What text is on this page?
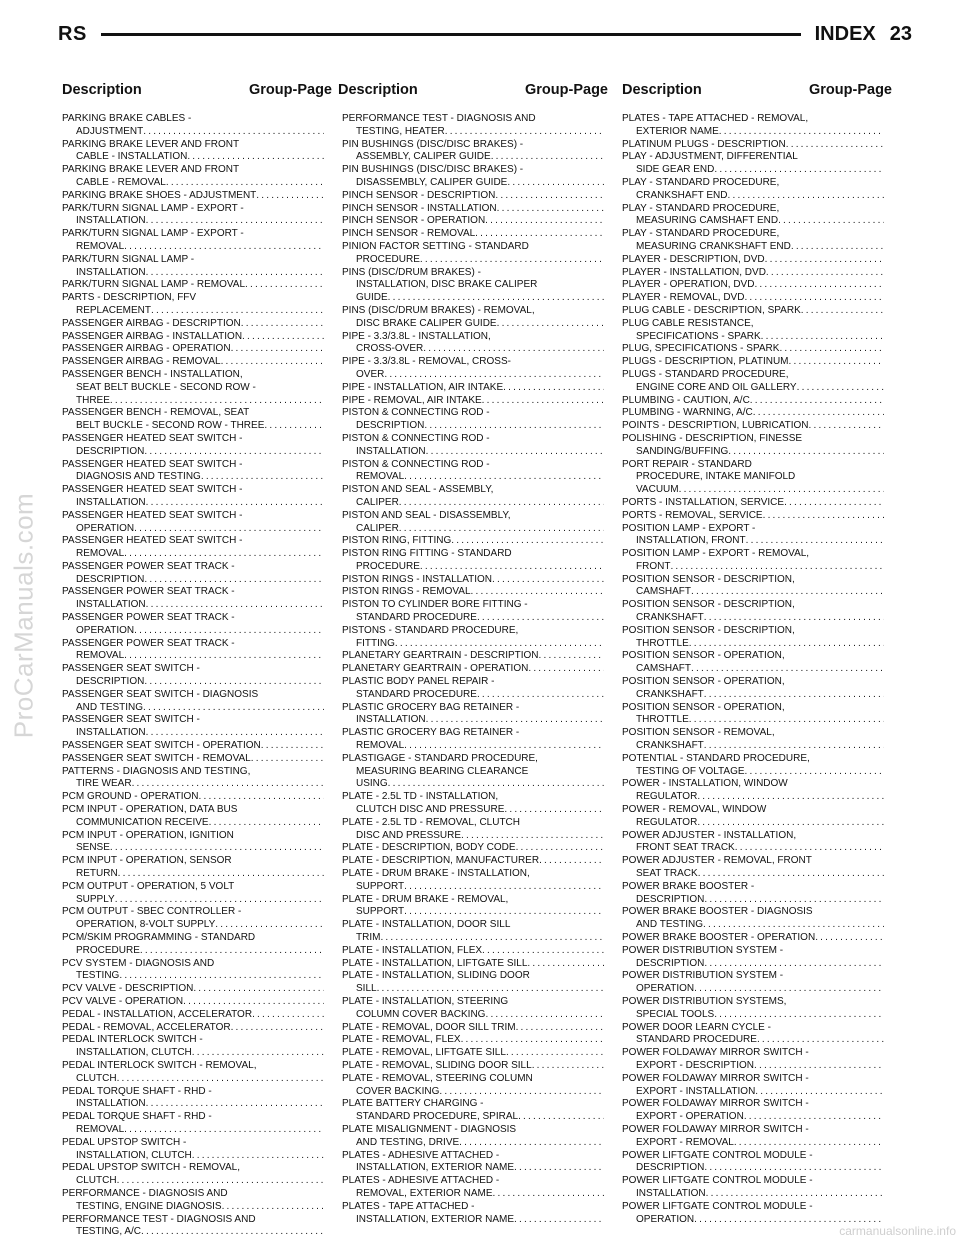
RS	INDEX 23
Description	Group-Page Description	Group-Page Description	Group-Page
PARKING BRAKE CABLES -
ADJUSTMENT.....
PARKING BRAKE LEVER AND FRONT
CABLE - INSTALLATION.....
PARKING BRAKE LEVER AND FRONT
CABLE - REMOVAL.....
PARKING BRAKE SHOES - ADJUSTMENT.....
PARK/TURN SIGNAL LAMP - EXPORT -
INSTALLATION.....
PARK/TURN SIGNAL LAMP - EXPORT -
REMOVAL.....
PARK/TURN SIGNAL LAMP -
INSTALLATION.....
PARK/TURN SIGNAL LAMP - REMOVAL.....
PARTS - DESCRIPTION, FFV
REPLACEMENT.....
PASSENGER AIRBAG - DESCRIPTION.....
PASSENGER AIRBAG - INSTALLATION.....
PASSENGER AIRBAG - OPERATION.....
PASSENGER AIRBAG - REMOVAL.....
PASSENGER BENCH - INSTALLATION,
SEAT BELT BUCKLE - SECOND ROW -
THREE.....
PASSENGER BENCH - REMOVAL, SEAT
BELT BUCKLE - SECOND ROW - THREE.....
PASSENGER HEATED SEAT SWITCH -
DESCRIPTION.....
PASSENGER HEATED SEAT SWITCH -
DIAGNOSIS AND TESTING.....
PASSENGER HEATED SEAT SWITCH -
INSTALLATION.....
PASSENGER HEATED SEAT SWITCH -
OPERATION.....
PASSENGER HEATED SEAT SWITCH -
REMOVAL.....
PASSENGER POWER SEAT TRACK -
DESCRIPTION.....
PASSENGER POWER SEAT TRACK -
INSTALLATION.....
PASSENGER POWER SEAT TRACK -
OPERATION.....
PASSENGER POWER SEAT TRACK -
REMOVAL.....
PASSENGER SEAT SWITCH -
DESCRIPTION.....
PASSENGER SEAT SWITCH - DIAGNOSIS
AND TESTING.....
PASSENGER SEAT SWITCH -
INSTALLATION.....
PASSENGER SEAT SWITCH - OPERATION.....
PASSENGER SEAT SWITCH - REMOVAL.....
PATTERNS - DIAGNOSIS AND TESTING,
TIRE WEAR.....
PCM GROUND - OPERATION.....
PCM INPUT - OPERATION, DATA BUS
COMMUNICATION RECEIVE.....
PCM INPUT - OPERATION, IGNITION
SENSE.....
PCM INPUT - OPERATION, SENSOR
RETURN.....
PCM OUTPUT - OPERATION, 5 VOLT
SUPPLY.....
PCM OUTPUT - SBEC CONTROLLER -
OPERATION, 8-VOLT SUPPLY.....
PCM/SKIM PROGRAMMING - STANDARD
PROCEDURE.....
PCV SYSTEM - DIAGNOSIS AND
TESTING.....
PCV VALVE - DESCRIPTION.....
PCV VALVE - OPERATION.....
PEDAL - INSTALLATION, ACCELERATOR.....
PEDAL - REMOVAL, ACCELERATOR.....
PEDAL INTERLOCK SWITCH -
INSTALLATION, CLUTCH.....
PEDAL INTERLOCK SWITCH - REMOVAL,
CLUTCH.....
PEDAL TORQUE SHAFT - RHD -
INSTALLATION.....
PEDAL TORQUE SHAFT - RHD -
REMOVAL.....
PEDAL UPSTOP SWITCH -
INSTALLATION, CLUTCH.....
PEDAL UPSTOP SWITCH - REMOVAL,
CLUTCH.....
PERFORMANCE - DIAGNOSIS AND
TESTING, ENGINE DIAGNOSIS.....
PERFORMANCE TEST - DIAGNOSIS AND
TESTING, A/C.....
PERFORMANCE TEST - DIAGNOSIS AND
TESTING, HEATER.....
PIN BUSHINGS (DISC/DISC BRAKES) -
ASSEMBLY, CALIPER GUIDE.....
PIN BUSHINGS (DISC/DISC BRAKES) -
DISASSEMBLY, CALIPER GUIDE.....
PINCH SENSOR - DESCRIPTION.....
PINCH SENSOR - INSTALLATION.....
PINCH SENSOR - OPERATION.....
PINCH SENSOR - REMOVAL.....
PINION FACTOR SETTING - STANDARD
PROCEDURE.....
PINS (DISC/DRUM BRAKES) -
INSTALLATION, DISC BRAKE CALIPER
GUIDE.....
PINS (DISC/DRUM BRAKES) - REMOVAL,
DISC BRAKE CALIPER GUIDE.....
PIPE - 3.3/3.8L - INSTALLATION,
CROSS-OVER.....
PIPE - 3.3/3.8L - REMOVAL, CROSS-
OVER.....
PIPE - INSTALLATION, AIR INTAKE.....
PIPE - REMOVAL, AIR INTAKE.....
PISTON & CONNECTING ROD -
DESCRIPTION.....
PISTON & CONNECTING ROD -
INSTALLATION.....
PISTON & CONNECTING ROD -
REMOVAL.....
PISTON AND SEAL - ASSEMBLY,
CALIPER.....
PISTON AND SEAL - DISASSEMBLY,
CALIPER.....
PISTON RING, FITTING.....
PISTON RING FITTING - STANDARD
PROCEDURE.....
PISTON RINGS - INSTALLATION.....
PISTON RINGS - REMOVAL.....
PISTON TO CYLINDER BORE FITTING -
STANDARD PROCEDURE.....
PISTONS - STANDARD PROCEDURE,
FITTING.....
PLANETARY GEARTRAIN - DESCRIPTION.....
PLANETARY GEARTRAIN - OPERATION.....
PLASTIC BODY PANEL REPAIR -
STANDARD PROCEDURE.....
PLASTIC GROCERY BAG RETAINER -
INSTALLATION.....
PLASTIC GROCERY BAG RETAINER -
REMOVAL.....
PLASTIGAGE - STANDARD PROCEDURE,
MEASURING BEARING CLEARANCE
USING.....
PLATE - 2.5L TD - INSTALLATION,
CLUTCH DISC AND PRESSURE.....
PLATE - 2.5L TD - REMOVAL, CLUTCH
DISC AND PRESSURE.....
PLATE - DESCRIPTION, BODY CODE.....
PLATE - DESCRIPTION, MANUFACTURER.....
PLATE - DRUM BRAKE - INSTALLATION,
SUPPORT.....
PLATE - DRUM BRAKE - REMOVAL,
SUPPORT.....
PLATE - INSTALLATION, DOOR SILL
TRIM.....
PLATE - INSTALLATION, FLEX.....
PLATE - INSTALLATION, LIFTGATE SILL.....
PLATE - INSTALLATION, SLIDING DOOR
SILL.....
PLATE - INSTALLATION, STEERING
COLUMN COVER BACKING.....
PLATE - REMOVAL, DOOR SILL TRIM.....
PLATE - REMOVAL, FLEX.....
PLATE - REMOVAL, LIFTGATE SILL.....
PLATE - REMOVAL, SLIDING DOOR SILL.....
PLATE - REMOVAL, STEERING COLUMN
COVER BACKING.....
PLATE BATTERY CHARGING -
STANDARD PROCEDURE, SPIRAL.....
PLATE MISALIGNMENT - DIAGNOSIS
AND TESTING, DRIVE.....
PLATES - ADHESIVE ATTACHED -
INSTALLATION, EXTERIOR NAME.....
PLATES - ADHESIVE ATTACHED -
REMOVAL, EXTERIOR NAME.....
PLATES - TAPE ATTACHED -
INSTALLATION, EXTERIOR NAME.....
PLATES - TAPE ATTACHED - REMOVAL,
EXTERIOR NAME.....
PLATINUM PLUGS - DESCRIPTION.....
PLAY - ADJUSTMENT, DIFFERENTIAL
SIDE GEAR END.....
PLAY - STANDARD PROCEDURE,
CRANKSHAFT END.....
PLAY - STANDARD PROCEDURE,
MEASURING CAMSHAFT END.....
PLAY - STANDARD PROCEDURE,
MEASURING CRANKSHAFT END.....
PLAYER - DESCRIPTION, DVD.....
PLAYER - INSTALLATION, DVD.....
PLAYER - OPERATION, DVD.....
PLAYER - REMOVAL, DVD.....
PLUG CABLE - DESCRIPTION, SPARK.....
PLUG CABLE RESISTANCE,
SPECIFICATIONS - SPARK.....
PLUG, SPECIFICATIONS - SPARK.....
PLUGS - DESCRIPTION, PLATINUM.....
PLUGS - STANDARD PROCEDURE,
ENGINE CORE AND OIL GALLERY.....
PLUMBING - CAUTION, A/C.....
PLUMBING - WARNING, A/C.....
POINTS - DESCRIPTION, LUBRICATION.....
POLISHING - DESCRIPTION, FINESSE
SANDING/BUFFING.....
PORT REPAIR - STANDARD
PROCEDURE, INTAKE MANIFOLD
VACUUM.....
PORTS - INSTALLATION, SERVICE.....
PORTS - REMOVAL, SERVICE.....
POSITION LAMP - EXPORT -
INSTALLATION, FRONT.....
POSITION LAMP - EXPORT - REMOVAL,
FRONT.....
POSITION SENSOR - DESCRIPTION,
CAMSHAFT.....
POSITION SENSOR - DESCRIPTION,
CRANKSHAFT.....
POSITION SENSOR - DESCRIPTION,
THROTTLE.....
POSITION SENSOR - OPERATION,
CAMSHAFT.....
POSITION SENSOR - OPERATION,
CRANKSHAFT.....
POSITION SENSOR - OPERATION,
THROTTLE.....
POSITION SENSOR - REMOVAL,
CRANKSHAFT.....
POTENTIAL - STANDARD PROCEDURE,
TESTING OF VOLTAGE.....
POWER - INSTALLATION, WINDOW
REGULATOR.....
POWER - REMOVAL, WINDOW
REGULATOR.....
POWER ADJUSTER - INSTALLATION,
FRONT SEAT TRACK.....
POWER ADJUSTER - REMOVAL, FRONT
SEAT TRACK.....
POWER BRAKE BOOSTER -
DESCRIPTION.....
POWER BRAKE BOOSTER - DIAGNOSIS
AND TESTING.....
POWER BRAKE BOOSTER - OPERATION.....
POWER DISTRIBUTION SYSTEM -
DESCRIPTION.....
POWER DISTRIBUTION SYSTEM -
OPERATION.....
POWER DISTRIBUTION SYSTEMS,
SPECIAL TOOLS.....
POWER DOOR LEARN CYCLE -
STANDARD PROCEDURE.....
POWER FOLDAWAY MIRROR SWITCH -
EXPORT - DESCRIPTION.....
POWER FOLDAWAY MIRROR SWITCH -
EXPORT - INSTALLATION.....
POWER FOLDAWAY MIRROR SWITCH -
EXPORT - OPERATION.....
POWER FOLDAWAY MIRROR SWITCH -
EXPORT - REMOVAL.....
POWER LIFTGATE CONTROL MODULE -
DESCRIPTION.....
POWER LIFTGATE CONTROL MODULE -
INSTALLATION.....
POWER LIFTGATE CONTROL MODULE -
OPERATION.....
ProCarManuals.com
carmanualsonline.info
